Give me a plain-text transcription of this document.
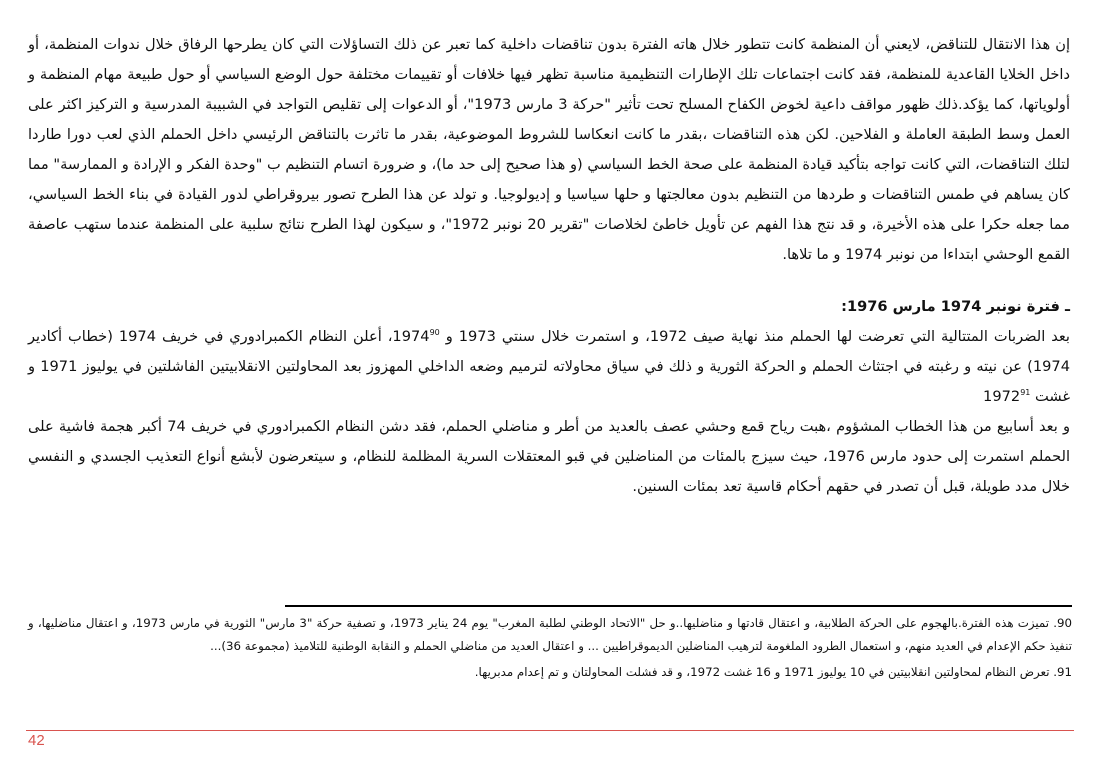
إن هذا الانتقال للتناقض، لايعني أن المنظمة كانت تتطور خلال هاته الفترة بدون تناقضات داخلية كما تعبر عن ذلك التساؤلات التي كان يطرحها الرفاق خلال ندوات المنظمة، أو داخل الخلايا القاعدية للمنظمة، فقد كانت اجتماعات تلك الإطارات التنظيمية مناسبة تظهر فيها خلافات أو تقييمات مختلفة حول الوضع السياسي أو حول طبيعة مهام المنظمة و أولوياتها، كما يؤكد.ذلك ظهور مواقف داعية لخوض الكفاح المسلح تحت تأثير "حركة 3 مارس 1973"، أو الدعوات إلى تقليص التواجد في الشبيبة المدرسية و التركيز اكثر على العمل وسط الطبقة العاملة و الفلاحين. لكن هذه التناقضات ،بقدر ما كانت انعكاسا للشروط الموضوعية، بقدر ما تاثرت بالتناقض الرئيسي داخل الحملم الذي لعب دورا طاردا لتلك التناقضات، التي كانت تواجه بتأكيد قيادة المنظمة على صحة الخط السياسي (و هذا صحيح إلى حد ما)، و ضرورة اتسام التنظيم ب "وحدة الفكر و الإرادة و الممارسة" مما كان يساهم في طمس التناقضات و طردها من التنظيم بدون معالجتها و حلها سياسيا و إديولوجيا. و تولد عن هذا الطرح تصور بيروقراطي لدور القيادة في بناء الخط السياسي، مما جعله حكرا على هذه الأخيرة، و قد نتج هذا الفهم عن تأويل خاطئ لخلاصات "تقرير 20 نونبر 1972"، و سيكون لهذا الطرح نتائج سلبية على المنظمة عندما ستهب عاصفة القمع الوحشي ابتداءا من نونبر 1974 و ما تلاها.

ـ فترة نونبر 1974 مارس 1976:

بعد الضربات المتتالية التي تعرضت لها الحملم منذ نهاية صيف 1972، و استمرت خلال سنتي 1973 و 1974$^{90}$، أعلن النظام الكمبرادوري في خريف 1974 (خطاب أكادير 1974) عن نيته و رغبته في اجتثاث الحملم و الحركة الثورية و ذلك في سياق محاولاته لترميم وضعه الداخلي المهزوز بعد المحاولتين الانقلابيتين الفاشلتين في يوليوز 1971 و غشت 1972$^{91}$

و بعد أسابيع من هذا الخطاب المشؤوم ،هبت رياح قمع وحشي عصف بالعديد من أطر و مناضلي الحملم، فقد دشن النظام الكمبرادوري في خريف 74 أكبر هجمة فاشية على الحملم استمرت إلى حدود مارس 1976، حيث سيزج بالمئات من المناضلين في قبو المعتقلات السرية المظلمة للنظام، و سيتعرضون لأبشع أنواع التعذيب الجسدي و النفسي خلال مدد طويلة، قبل أن تصدر في حقهم أحكام قاسية تعد بمئات السنين.

90. تميزت هذه الفترة.بالهجوم على الحركة الطلابية، و اعتقال قادتها و مناضليها..و حل "الاتحاد الوطني لطلبة المغرب" يوم 24 يناير 1973، و تصفية حركة "3 مارس" الثورية في مارس 1973، و اعتقال مناضليها، و تنفيذ حكم الإعدام في العديد منهم، و استعمال الطرود الملغومة لترهيب المناضلين الديموقراطيين ... و اعتقال العديد من مناضلي الحملم و النقابة الوطنية للتلاميذ (مجموعة 36)...

91. تعرض النظام لمحاولتين انقلابيتين في 10 يوليوز 1971 و 16 غشت 1972، و قد فشلت المحاولتان و تم إعدام مدبريها.

42
